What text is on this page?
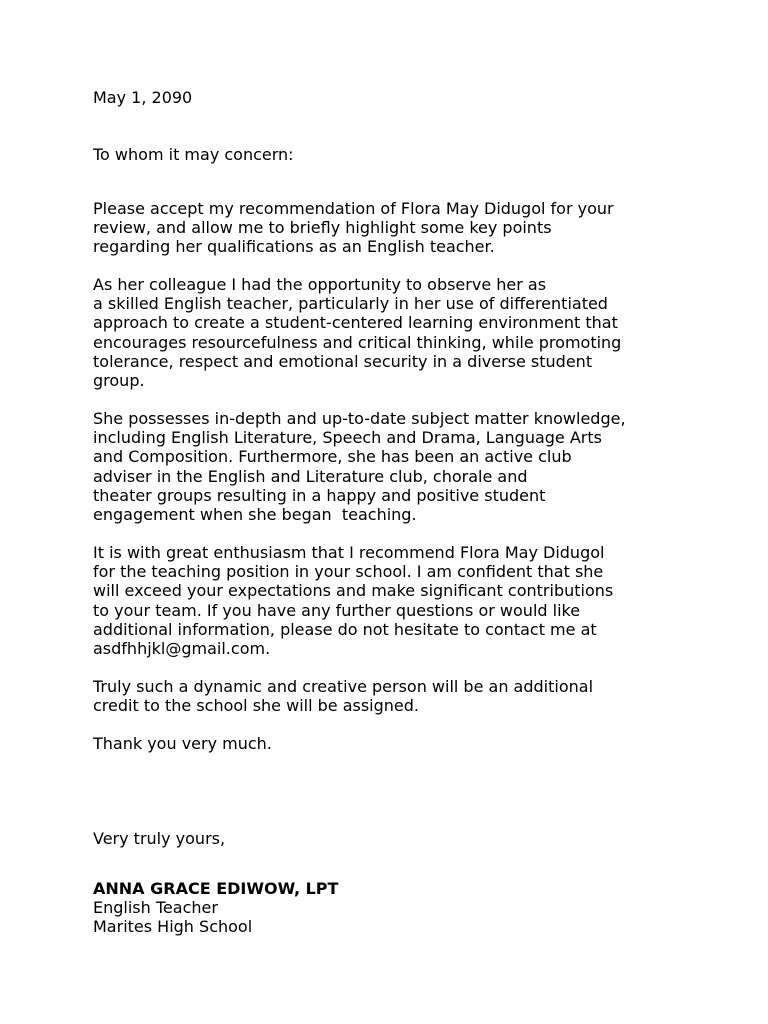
May 1, 2090
To whom it may concern:
Please accept my recommendation of Flora May Didugol for your
review, and allow me to briefly highlight some key points
regarding her qualifications as an English teacher.
As her colleague I had the opportunity to observe her as
a skilled English teacher, particularly in her use of differentiated
approach to create a student-centered learning environment that
encourages resourcefulness and critical thinking, while promoting
tolerance, respect and emotional security in a diverse student
group.
She possesses in-depth and up-to-date subject matter knowledge,
including English Literature, Speech and Drama, Language Arts
and Composition. Furthermore, she has been an active club
adviser in the English and Literature club, chorale and
theater groups resulting in a happy and positive student
engagement when she began  teaching.
It is with great enthusiasm that I recommend Flora May Didugol
for the teaching position in your school. I am confident that she
will exceed your expectations and make significant contributions
to your team. If you have any further questions or would like
additional information, please do not hesitate to contact me at
asdfhhjkl@gmail.com.
Truly such a dynamic and creative person will be an additional
credit to the school she will be assigned.
Thank you very much.
Very truly yours,
ANNA GRACE EDIWOW, LPT
English Teacher
Marites High School
